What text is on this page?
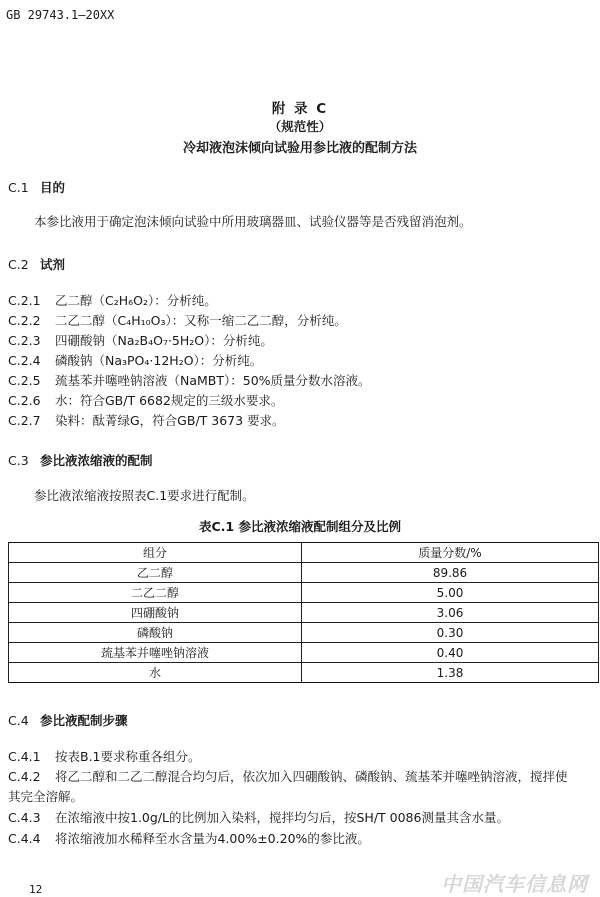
GB 29743.1—20XX
附 录 C
（规范性）
冷却液泡沫倾向试验用参比液的配制方法
C.1 目的
本参比液用于确定泡沫倾向试验中所用玻璃器皿、试验仪器等是否残留消泡剂。
C.2 试剂
C.2.1 乙二醇（C₂H₆O₂）：分析纯。
C.2.2 二乙二醇（C₄H₁₀O₃）：又称一缩二乙二醇，分析纯。
C.2.3 四硼酸钠（Na₂B₄O₇·5H₂O）：分析纯。
C.2.4 磷酸钠（Na₃PO₄·12H₂O）：分析纯。
C.2.5 巯基苯并噻唑钠溶液（NaMBT）：50%质量分数水溶液。
C.2.6 水：符合GB/T 6682规定的三级水要求。
C.2.7 染料：酞菁绿G，符合GB/T 3673 要求。
C.3 参比液浓缩液的配制
参比液浓缩液按照表C.1要求进行配制。
表C.1 参比液浓缩液配制组分及比例
组分	质量分数/%
乙二醇	89.86
二乙二醇	5.00
四硼酸钠	3.06
磷酸钠	0.30
巯基苯并噻唑钠溶液	0.40
水	1.38
C.4 参比液配制步骤
C.4.1 按表B.1要求称重各组分。
C.4.2 将乙二醇和二乙二醇混合均匀后，依次加入四硼酸钠、磷酸钠、巯基苯并噻唑钠溶液，搅拌使
其完全溶解。
C.4.3 在浓缩液中按1.0g/L的比例加入染料，搅拌均匀后，按SH/T 0086测量其含水量。
C.4.4 将浓缩液加水稀释至水含量为4.00%±0.20%的参比液。
12	中国汽车信息网
